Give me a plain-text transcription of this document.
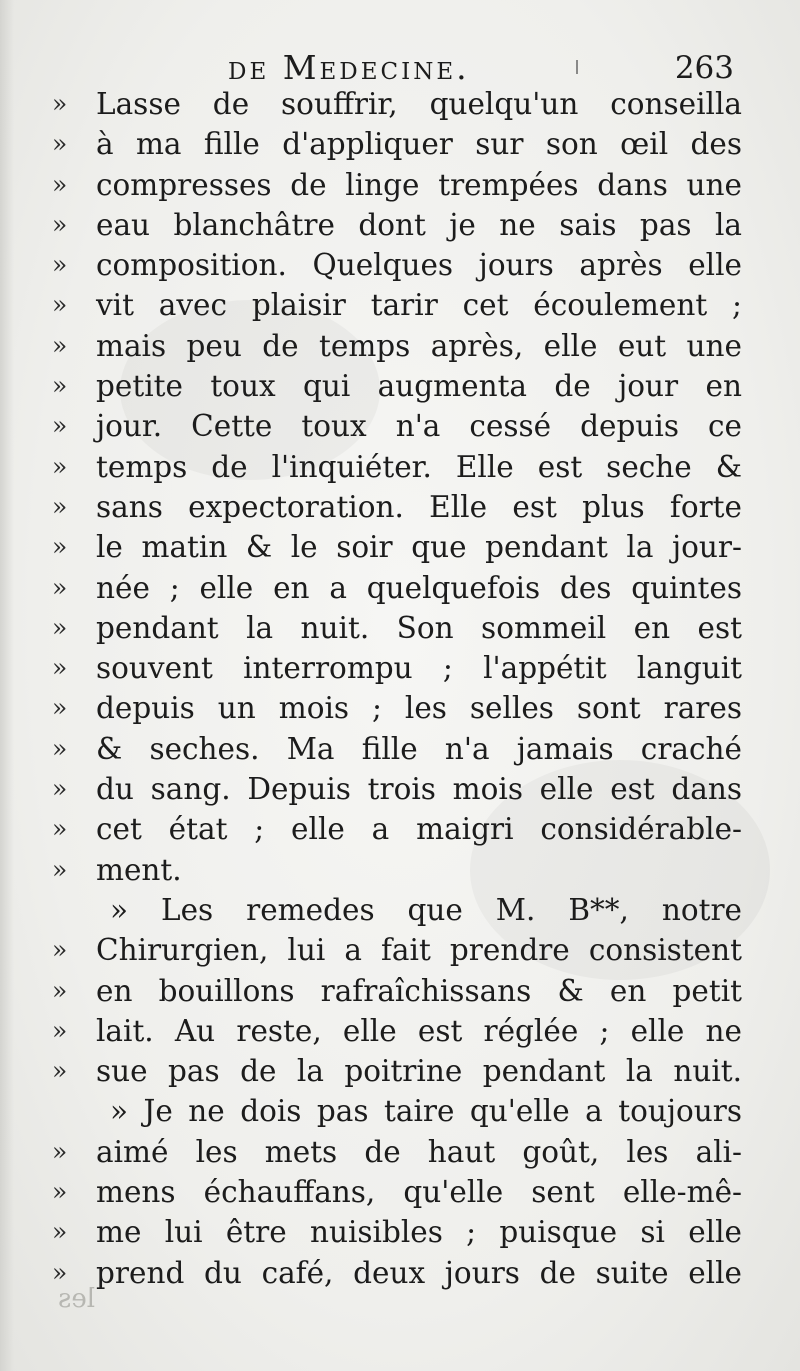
de Medecine.	263
» Lasse de souffrir, quelqu'un conseilla
» à ma fille d'appliquer sur son œil des
» compresses de linge trempées dans une
» eau blanchâtre dont je ne sais pas la
» composition. Quelques jours après elle
» vit avec plaisir tarir cet écoulement ;
» mais peu de temps après, elle eut une
» petite toux qui augmenta de jour en
» jour. Cette toux n'a cessé depuis ce
» temps de l'inquiéter. Elle est seche &
» sans expectoration. Elle est plus forte
» le matin & le soir que pendant la jour-
» née ; elle en a quelquefois des quintes
» pendant la nuit. Son sommeil en est
» souvent interrompu ; l'appétit languit
» depuis un mois ; les selles sont rares
» & seches. Ma fille n'a jamais craché
» du sang. Depuis trois mois elle est dans
» cet état ; elle a maigri considérable-
» ment.
» Les remedes que M. B**, notre
» Chirurgien, lui a fait prendre consistent
» en bouillons rafraîchissans & en petit
» lait. Au reste, elle est réglée ; elle ne
» sue pas de la poitrine pendant la nuit.
» Je ne dois pas taire qu'elle a toujours
» aimé les mets de haut goût, les ali-
» mens échauffans, qu'elle sent elle-mê-
» me lui être nuisibles ; puisque si elle
» prend du café, deux jours de suite elle
les
